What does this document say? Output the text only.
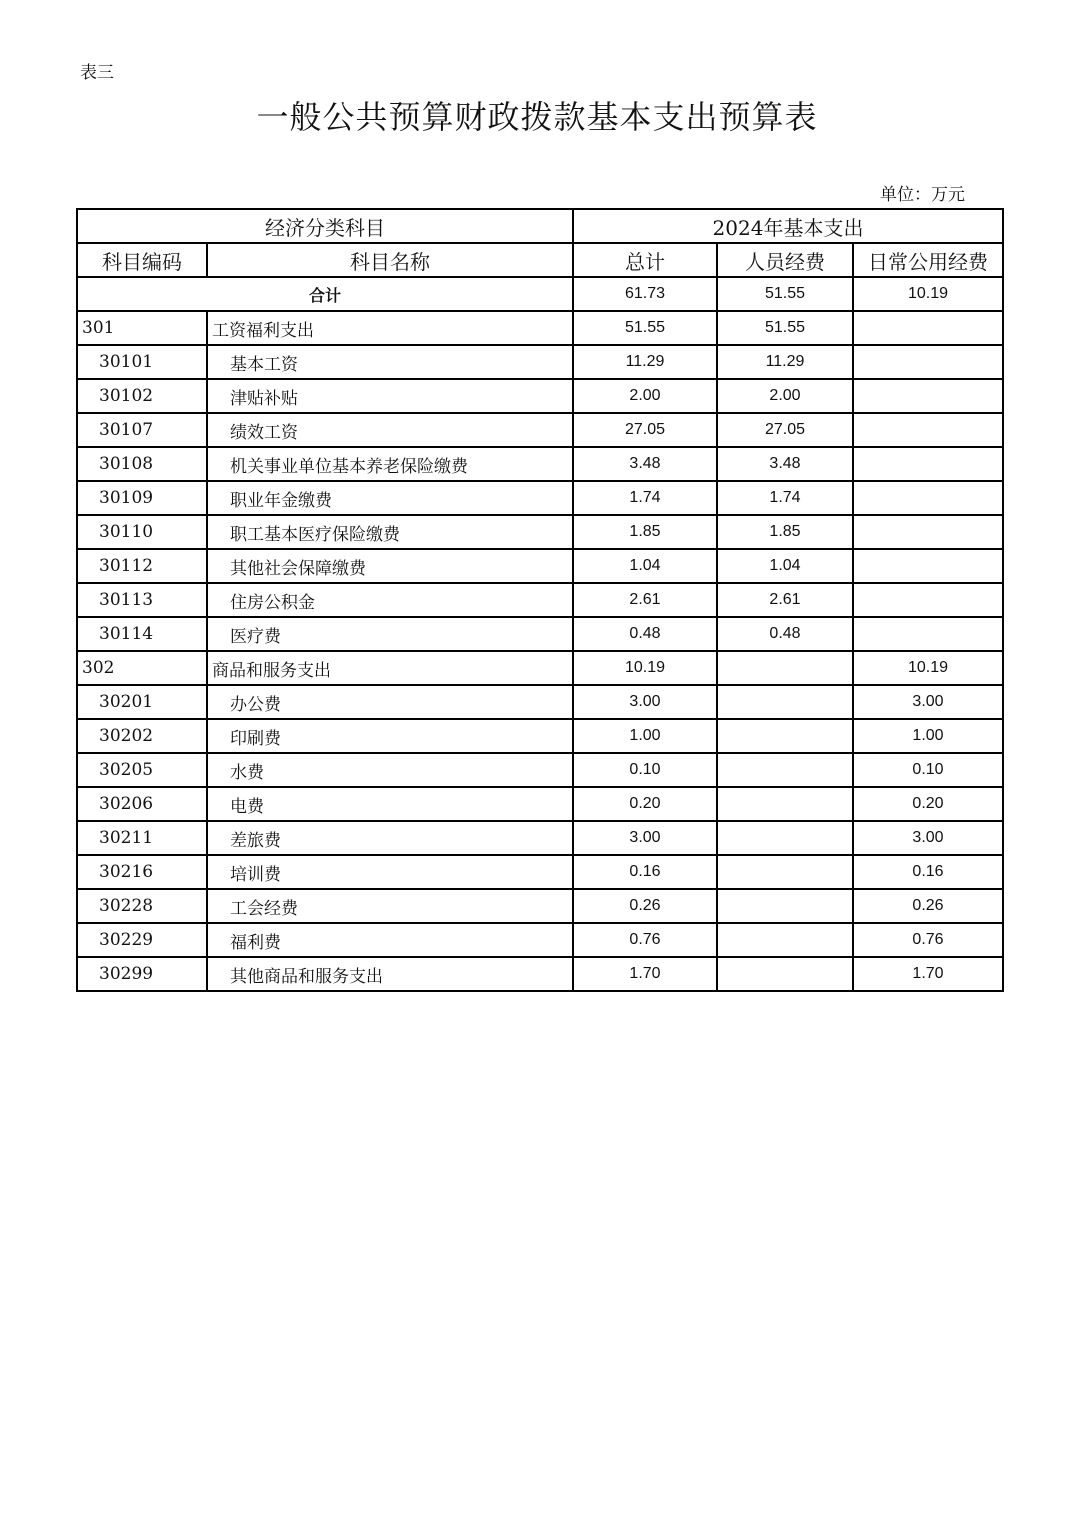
表三
一般公共预算财政拨款基本支出预算表
单位：万元
经济分类科目		2024年基本支出		
科目编码	科目名称	总计	人员经费	日常公用经费
合计		61.73	51.55	10.19
301	工资福利支出	51.55	51.55	
30101	基本工资	11.29	11.29	
30102	津贴补贴	2.00	2.00	
30107	绩效工资	27.05	27.05	
30108	机关事业单位基本养老保险缴费	3.48	3.48	
30109	职业年金缴费	1.74	1.74	
30110	职工基本医疗保险缴费	1.85	1.85	
30112	其他社会保障缴费	1.04	1.04	
30113	住房公积金	2.61	2.61	
30114	医疗费	0.48	0.48	
302	商品和服务支出	10.19		10.19
30201	办公费	3.00		3.00
30202	印刷费	1.00		1.00
30205	水费	0.10		0.10
30206	电费	0.20		0.20
30211	差旅费	3.00		3.00
30216	培训费	0.16		0.16
30228	工会经费	0.26		0.26
30229	福利费	0.76		0.76
30299	其他商品和服务支出	1.70		1.70
